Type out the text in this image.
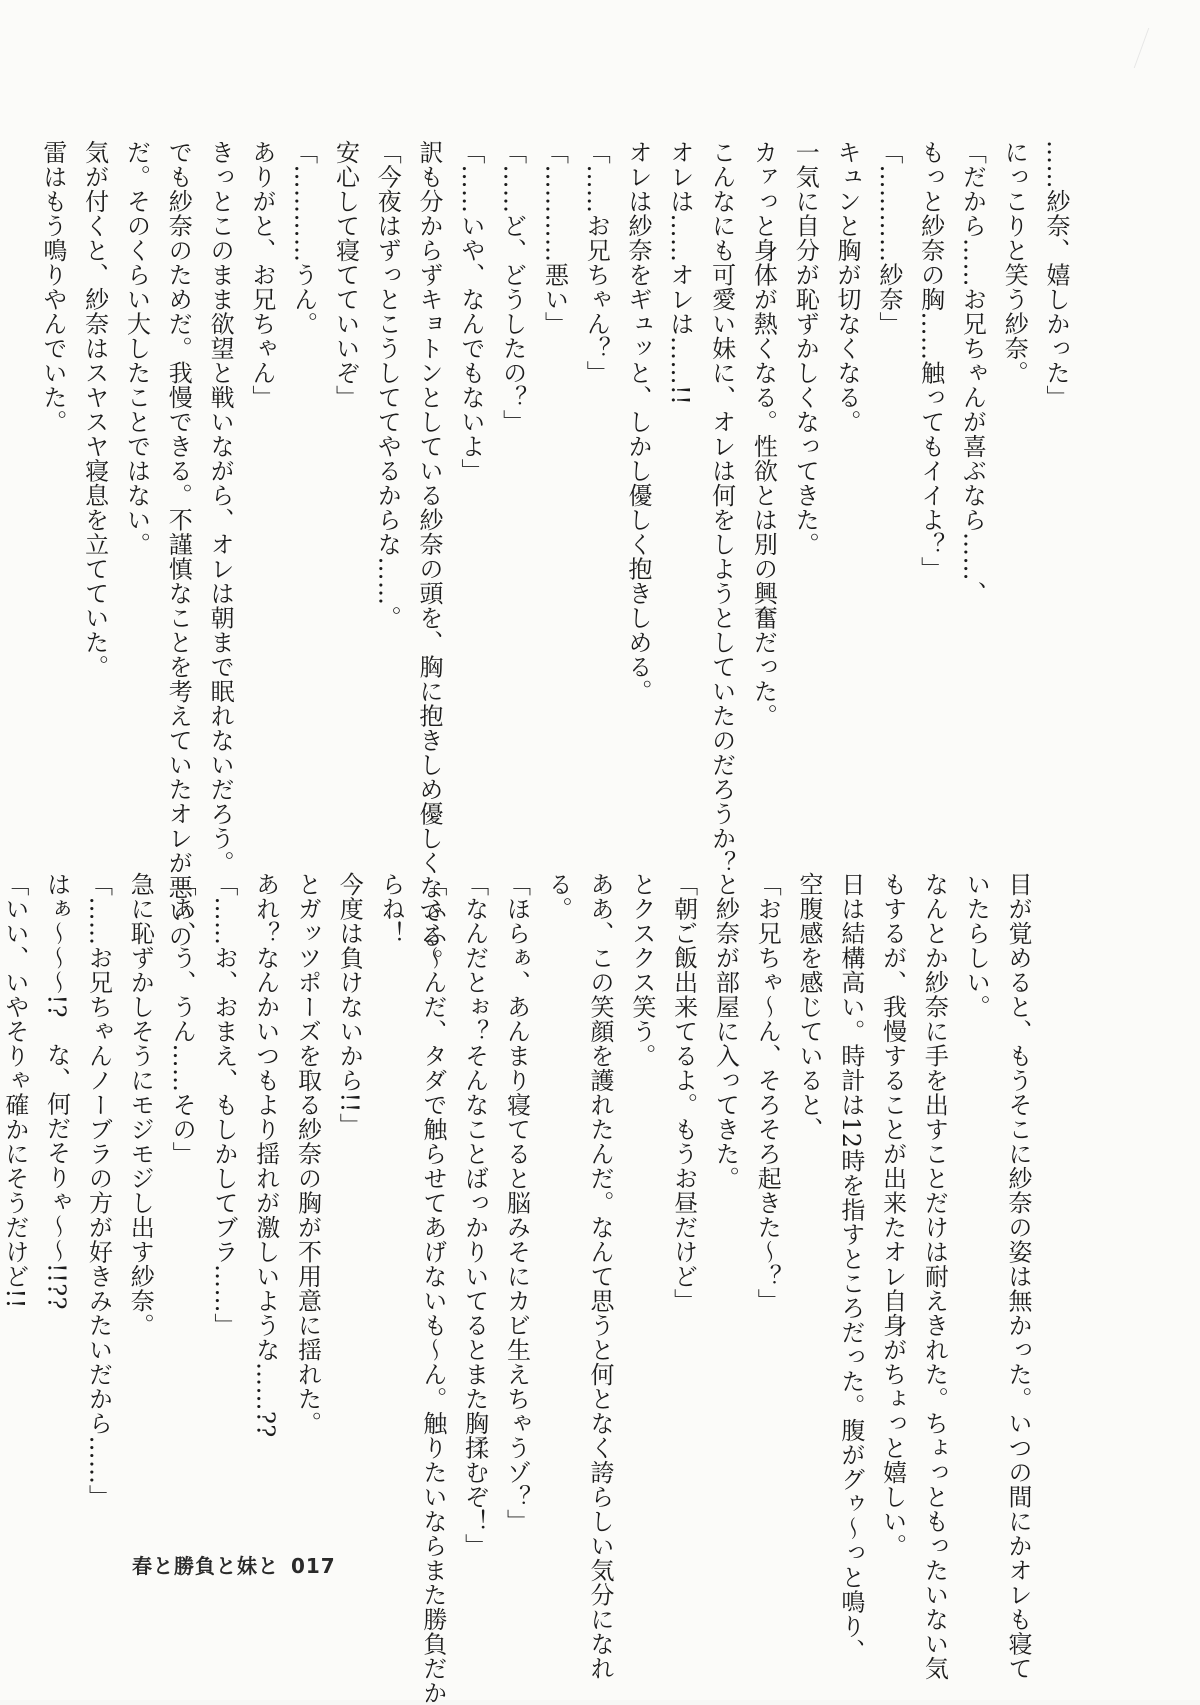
……紗奈、嬉しかった」
にっこりと笑う紗奈。
「だから……お兄ちゃんが喜ぶなら……、
もっと紗奈の胸……触ってもイイよ？」
「…………紗奈」
キュンと胸が切なくなる。
一気に自分が恥ずかしくなってきた。
カァっと身体が熱くなる。性欲とは別の興奮だった。
こんなにも可愛い妹に、オレは何をしようとしていたのだろうか？
オレは……オレは……!!
オレは紗奈をギュッと、しかし優しく抱きしめる。
「……お兄ちゃん？」
「…………悪い」
「……ど、どうしたの？」
「……いや、なんでもないよ」
訳も分からずキョトンとしている紗奈の頭を、胸に抱きしめ優しくなでる。
「今夜はずっとこうしててやるからな……。
安心して寝てていいぞ」
「…………うん。
ありがと、お兄ちゃん」
きっとこのまま欲望と戦いながら、オレは朝まで眠れないだろう。
でも紗奈のためだ。我慢できる。不謹慎なことを考えていたオレが悪いの
だ。そのくらい大したことではない。
気が付くと、紗奈はスヤスヤ寝息を立てていた。
雷はもう鳴りやんでいた。
目が覚めると、もうそこに紗奈の姿は無かった。いつの間にかオレも寝て
いたらしい。
なんとか紗奈に手を出すことだけは耐えきれた。ちょっともったいない気
もするが、我慢することが出来たオレ自身がちょっと嬉しい。
日は結構高い。時計は12時を指すところだった。腹がグゥ〜っと鳴り、
空腹感を感じていると、
「お兄ちゃ〜ん、そろそろ起きた〜？」
と紗奈が部屋に入ってきた。
「朝ご飯出来てるよ。もうお昼だけど」
とクスクス笑う。
ああ、この笑顔を護れたんだ。なんて思うと何となく誇らしい気分になれ
る。
「ほらぁ、あんまり寝てると脳みそにカビ生えちゃうゾ？」
「なんだとぉ？そんなことばっかりいてるとまた胸揉むぞ！」
「ふふ〜んだ、タダで触らせてあげないも〜ん。触りたいならまた勝負だか
らね！
今度は負けないから!!」
とガッツポーズを取る紗奈の胸が不用意に揺れた。
あれ？なんかいつもより揺れが激しいような……??
「……お、おまえ、もしかしてブラ……」
「あ、う、うん……その」
急に恥ずかしそうにモジモジし出す紗奈。
「……お兄ちゃんノーブラの方が好きみたいだから……」
はぁ〜〜〜!?　な、何だそりゃ〜〜!!??
「いい、いやそりゃ確かにそうだけど!!
春と勝負と妹と 017
